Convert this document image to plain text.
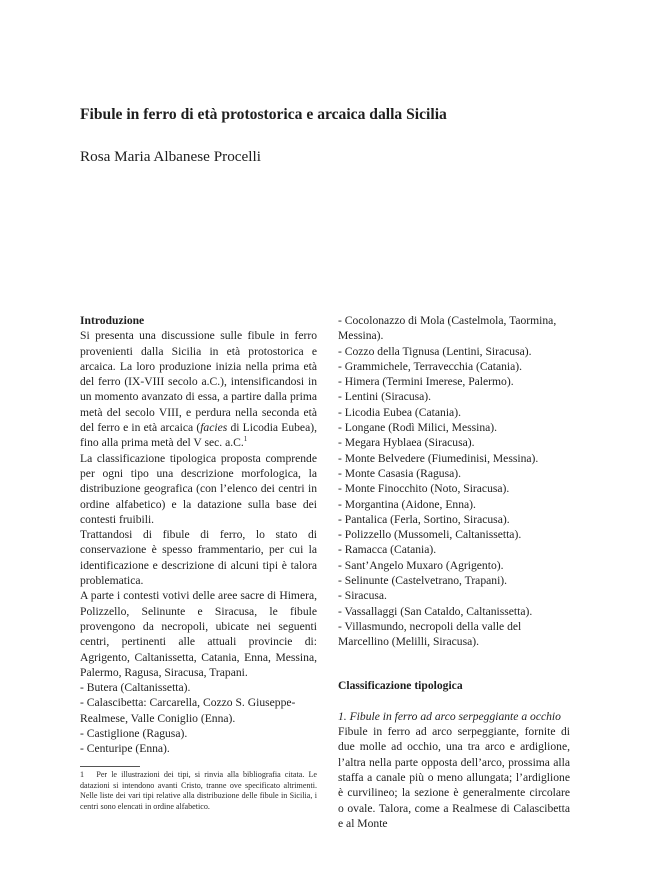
Fibule in ferro di età protostorica e arcaica dalla Sicilia
Rosa Maria Albanese Procelli

Introduzione

Si presenta una discussione sulle fibule in ferro provenienti dalla Sicilia in età protostorica e arcaica. La loro produzione inizia nella prima età del ferro (IX-VIII secolo a.C.), intensificandosi in un momento avanzato di essa, a partire dalla prima metà del secolo VIII, e perdura nella seconda età del ferro e in età arcaica (facies di Licodia Eubea), fino alla prima metà del V sec. a.C.$^1$

La classificazione tipologica proposta comprende per ogni tipo una descrizione morfologica, la distribuzione geografica (con l’elenco dei centri in ordine alfabetico) e la datazione sulla base dei contesti fruibili.

Trattandosi di fibule di ferro, lo stato di conservazione è spesso frammentario, per cui la identificazione e descrizione di alcuni tipi è talora problematica.

A parte i contesti votivi delle aree sacre di Himera, Polizzello, Selinunte e Siracusa, le fibule provengono da necropoli, ubicate nei seguenti centri, pertinenti alle attuali provincie di: Agrigento, Caltanissetta, Catania, Enna, Messina, Palermo, Ragusa, Siracusa, Trapani.

- Butera (Caltanissetta).
- Calascibetta: Carcarella, Cozzo S. Giuseppe-Realmese, Valle Coniglio (Enna).
- Castiglione (Ragusa).
- Centuripe (Enna).
- Cocolonazzo di Mola (Castelmola, Taormina, Messina).
- Cozzo della Tignusa (Lentini, Siracusa).
- Grammichele, Terravecchia (Catania).
- Himera (Termini Imerese, Palermo).
- Lentini (Siracusa).
- Licodia Eubea (Catania).
- Longane (Rodì Milici, Messina).
- Megara Hyblaea (Siracusa).
- Monte Belvedere (Fiumedinisi, Messina).
- Monte Casasia (Ragusa).
- Monte Finocchito (Noto, Siracusa).
- Morgantina (Aidone, Enna).
- Pantalica (Ferla, Sortino, Siracusa).
- Polizzello (Mussomeli, Caltanissetta).
- Ramacca (Catania).
- Sant’Angelo Muxaro (Agrigento).
- Selinunte (Castelvetrano, Trapani).
- Siracusa.
- Vassallaggi (San Cataldo, Caltanissetta).
- Villasmundo, necropoli della valle del Marcellino (Melilli, Siracusa).

Classificazione tipologica

1. Fibule in ferro ad arco serpeggiante a occhio

Fibule in ferro ad arco serpeggiante, fornite di due molle ad occhio, una tra arco e ardiglione, l’altra nella parte opposta dell’arco, prossima alla staffa a canale più o meno allungata; l’ardiglione è curvilineo; la sezione è generalmente circolare o ovale. Talora, come a Realmese di Calascibetta e al Monte

1 Per le illustrazioni dei tipi, si rinvia alla bibliografia citata. Le datazioni si intendono avanti Cristo, tranne ove specificato altrimenti. Nelle liste dei vari tipi relative alla distribuzione delle fibule in Sicilia, i centri sono elencati in ordine alfabetico.
